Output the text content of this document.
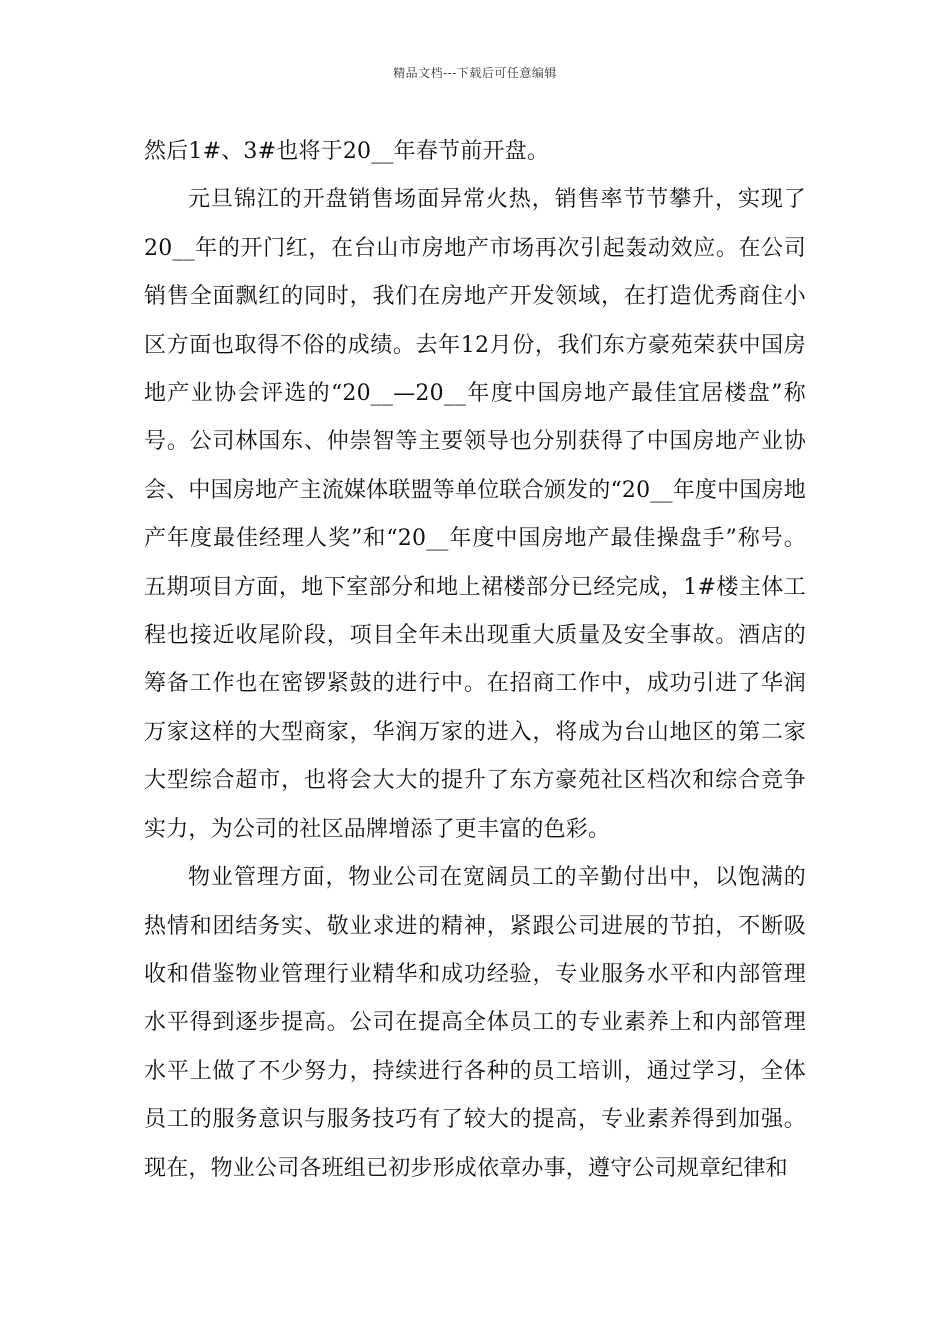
精品文档---下载后可任意编辑

然后1#、3#也将于20__年春节前开盘。

元旦锦江的开盘销售场面异常火热，销售率节节攀升，实现了20__年的开门红，在台山市房地产市场再次引起轰动效应。在公司销售全面飘红的同时，我们在房地产开发领域，在打造优秀商住小区方面也取得不俗的成绩。去年12月份，我们东方豪苑荣获中国房地产业协会评选的“20__—20__年度中国房地产最佳宜居楼盘”称号。公司林国东、仲崇智等主要领导也分别获得了中国房地产业协会、中国房地产主流媒体联盟等单位联合颁发的“20__年度中国房地产年度最佳经理人奖”和“20__年度中国房地产最佳操盘手”称号。五期项目方面，地下室部分和地上裙楼部分已经完成，1#楼主体工程也接近收尾阶段，项目全年未出现重大质量及安全事故。酒店的筹备工作也在密锣紧鼓的进行中。在招商工作中，成功引进了华润万家这样的大型商家，华润万家的进入，将成为台山地区的第二家大型综合超市，也将会大大的提升了东方豪苑社区档次和综合竞争实力，为公司的社区品牌增添了更丰富的色彩。

物业管理方面，物业公司在宽阔员工的辛勤付出中，以饱满的热情和团结务实、敬业求进的精神，紧跟公司进展的节拍，不断吸收和借鉴物业管理行业精华和成功经验，专业服务水平和内部管理水平得到逐步提高。公司在提高全体员工的专业素养上和内部管理水平上做了不少努力，持续进行各种的员工培训，通过学习，全体员工的服务意识与服务技巧有了较大的提高，专业素养得到加强。现在，物业公司各班组已初步形成依章办事，遵守公司规章纪律和
